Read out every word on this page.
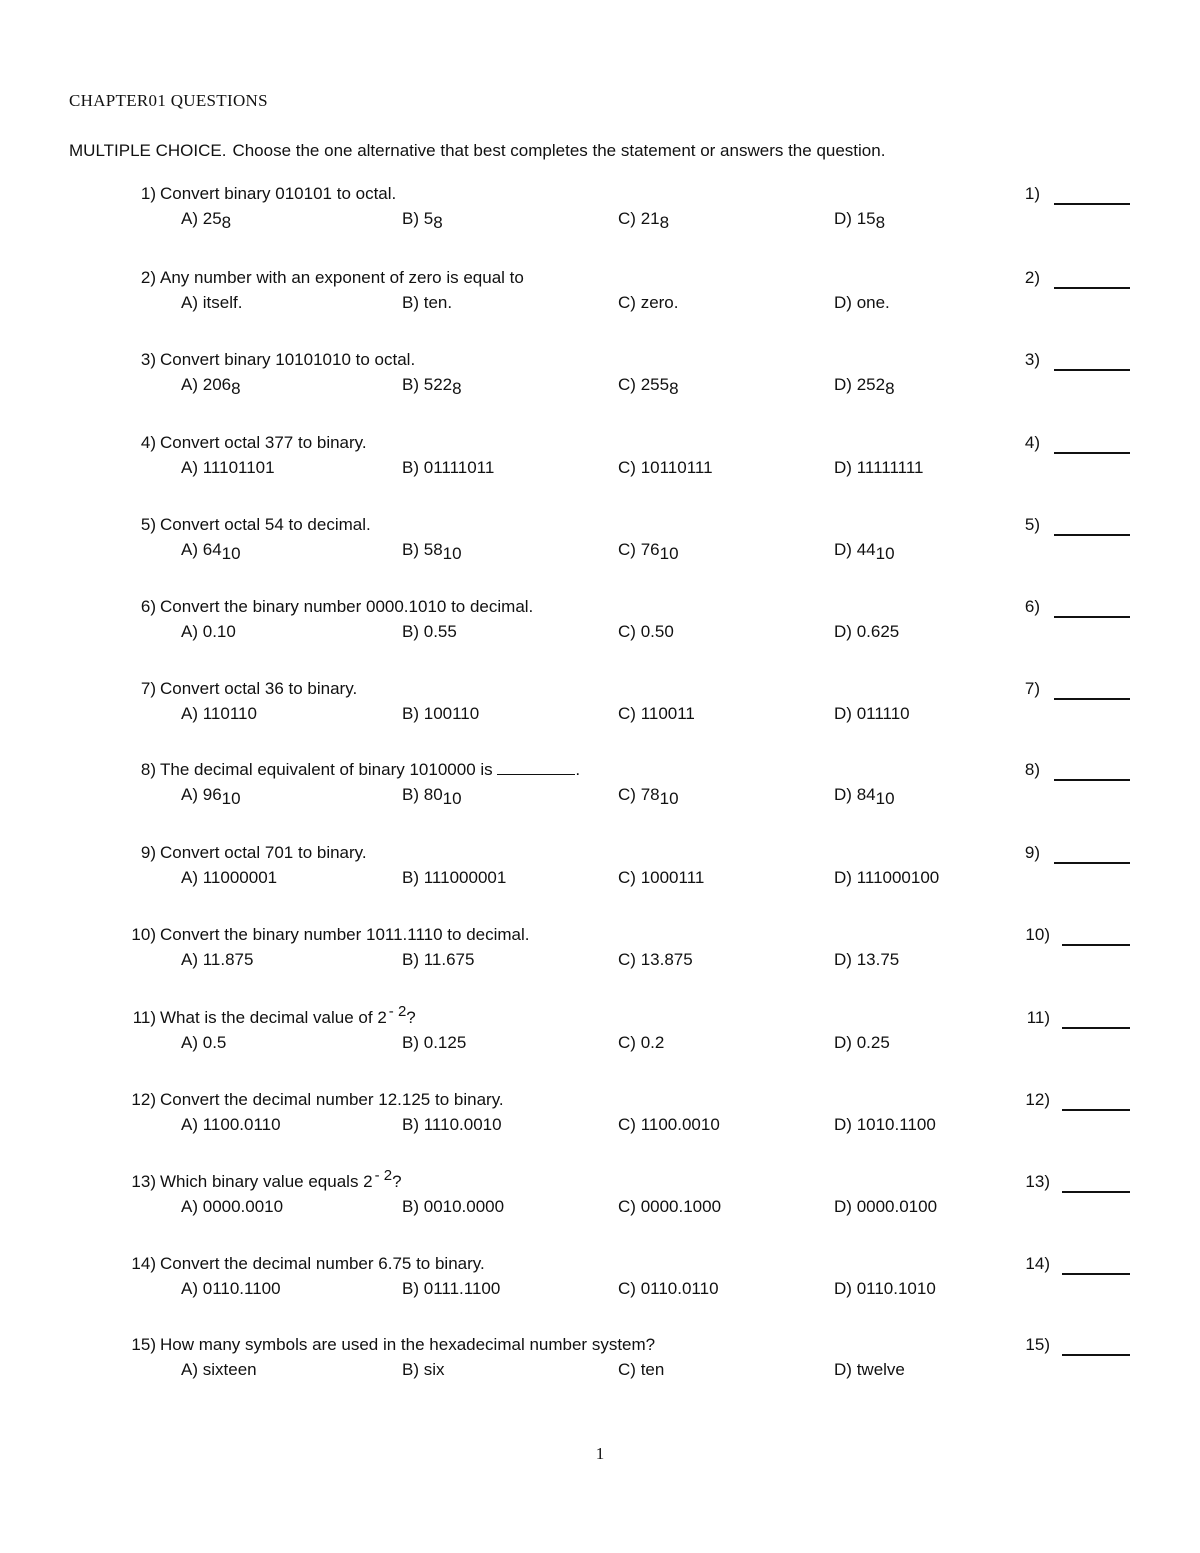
CHAPTER01 QUESTIONS
MULTIPLE CHOICE. Choose the one alternative that best completes the statement or answers the question.
1) Convert binary 010101 to octal.
A) 258	B) 58	C) 218	D) 158
1)
2) Any number with an exponent of zero is equal to
A) itself.	B) ten.	C) zero.	D) one.
2)
3) Convert binary 10101010 to octal.
A) 2068	B) 5228	C) 2558	D) 2528
3)
4) Convert octal 377 to binary.
A) 11101101	B) 01111011	C) 10110111	D) 11111111
4)
5) Convert octal 54 to decimal.
A) 6410	B) 5810	C) 7610	D) 4410
5)
6) Convert the binary number 0000.1010 to decimal.
A) 0.10	B) 0.55	C) 0.50	D) 0.625
6)
7) Convert octal 36 to binary.
A) 110110	B) 100110	C) 110011	D) 011110
7)
8) The decimal equivalent of binary 1010000 is	.
A) 9610	B) 8010	C) 7810	D) 8410
8)
9) Convert octal 701 to binary.
A) 11000001	B) 111000001	C) 1000111	D) 111000100
9)
10) Convert the binary number 1011.1110 to decimal.
A) 11.875	B) 11.675	C) 13.875	D) 13.75
10)
11) What is the decimal value of 2 - 2?
A) 0.5	B) 0.125	C) 0.2	D) 0.25
11)
12) Convert the decimal number 12.125 to binary.
A) 1100.0110	B) 1110.0010	C) 1100.0010	D) 1010.1100
12)
13) Which binary value equals 2 - 2?
A) 0000.0010	B) 0010.0000	C) 0000.1000	D) 0000.0100
13)
14) Convert the decimal number 6.75 to binary.
A) 0110.1100	B) 0111.1100	C) 0110.0110	D) 0110.1010
14)
15) How many symbols are used in the hexadecimal number system?
A) sixteen	B) six	C) ten	D) twelve
15)
1
